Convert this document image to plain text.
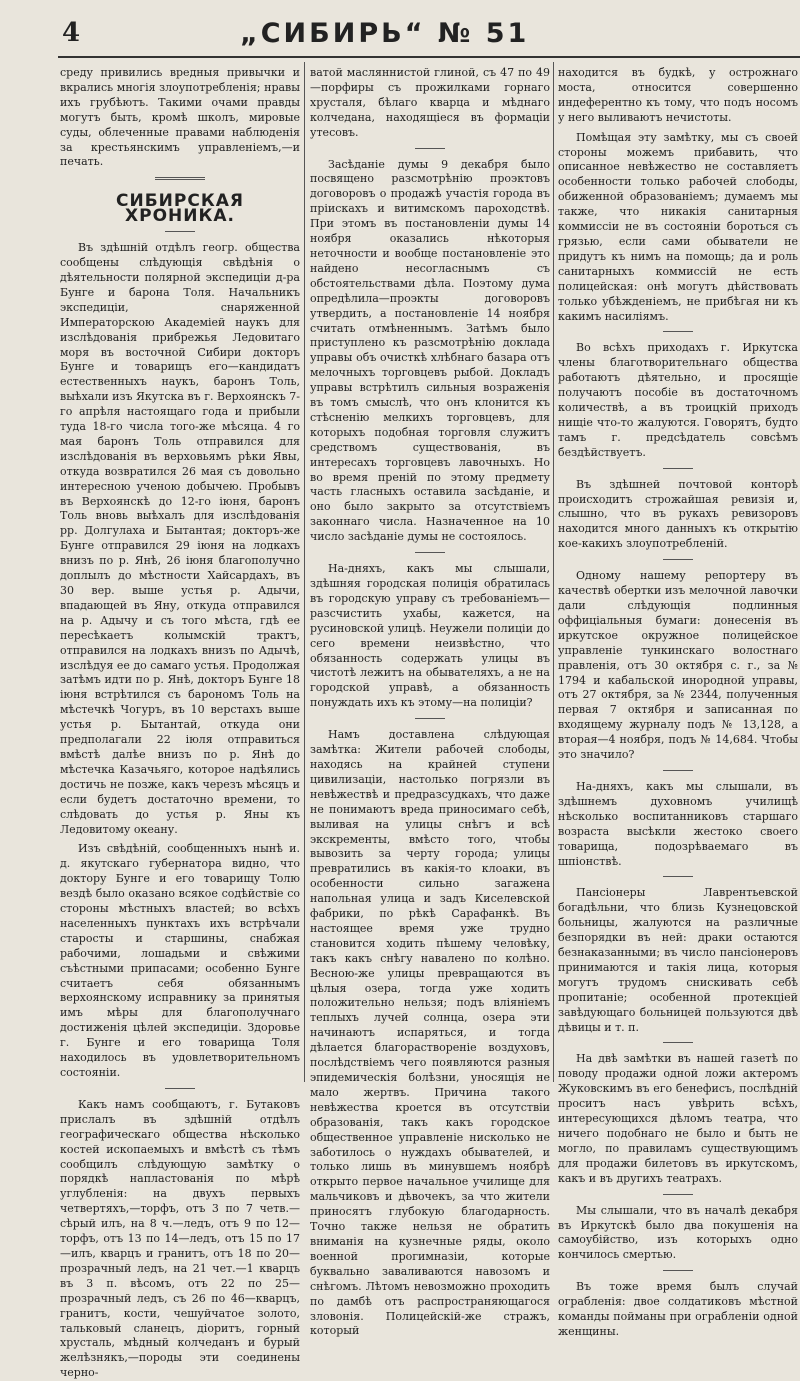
4	„СИБИРЬ“ № 51

среду привились вредныя привычки и вкрались многiя злоупотребленiя; нравы ихъ грубѣютъ. Такими очами правды могутъ быть, кромѣ школъ, мировые суды, облеченные правами наблюденiя за крестьянскимъ управленiемъ,—и печать.

СИБИРСКАЯ ХРОНИКА.

Въ здѣшнiй отдѣлъ геогр. общества сообщены слѣдующiя свѣдѣнiя о дѣятельности полярной экспедицiи д-ра Бунге и барона Толя. Начальникъ экспедицiи, снаряженной Императорскою Академiей наукъ для изслѣдованiя прибрежья Ледовитаго моря въ восточной Сибири докторъ Бунге и товарищъ его—кандидатъ естественныхъ наукъ, баронъ Толь, выѣхали изъ Якутска въ г. Верхоянскъ 7-го апрѣля настоящаго года и прибыли туда 18-го числа того-же мѣсяца. 4 го мая баронъ Толь отправился для изслѣдованiя въ верховьямъ рѣки Явы, откуда возвратился 26 мая съ довольно интересною ученою добычею. Пробывъ въ Верхоянскѣ до 12-го iюня, баронъ Толь вновь выѣхалъ для изслѣдованiя рр. Долгулаха и Бытантая; докторъ-же Бунге отправился 29 iюня на лодкахъ внизъ по р. Янѣ, 26 iюня благополучно доплылъ до мѣстности Хайсардахъ, въ 30 вер. выше устья р. Адычи, впадающей въ Яну, откуда отправился на р. Адычу и съ того мѣста, гдѣ ее пересѣкаетъ колымскiй трактъ, отправился на лодкахъ внизъ по Адычѣ, изслѣдуя ее до самаго устья. Продолжая затѣмъ идти по р. Янѣ, докторъ Бунге 18 iюня встрѣтился съ барономъ Толь на мѣстечкѣ Чогуръ, въ 10 верстахъ выше устья р. Бытантай, откуда они предполагали 22 iюля отправиться вмѣстѣ далѣе внизъ по р. Янѣ до мѣстечка Казачьяго, которое надѣялись достичь не позже, какъ черезъ мѣсяцъ и если будетъ достаточно времени, то слѣдовать до устья р. Яны къ Ледовитому океану.

Изъ свѣдѣнiй, сообщенныхъ нынѣ и. д. якутскаго губернатора видно, что доктору Бунге и его товарищу Толю вездѣ было оказано всякое содѣйствiе со стороны мѣстныхъ властей; во всѣхъ населенныхъ пунктахъ ихъ встрѣчали старосты и старшины, снабжая рабочими, лошадьми и свѣжими съѣстными припасами; особенно Бунге считаетъ себя обязаннымъ верхоянскому исправнику за принятыя имъ мѣры для благополучнаго достиженiя цѣлей экспедицiи. Здоровье г. Бунге и его товарища Толя находилось въ удовлетворительномъ состоянiи.

Какъ намъ сообщаютъ, г. Бутаковъ прислалъ въ здѣшнiй отдѣлъ географическаго общества нѣсколько костей ископаемыхъ и вмѣстѣ съ тѣмъ сообщилъ слѣдующую замѣтку о порядкѣ напластованiя по мѣрѣ углубленiя: на двухъ первыхъ четвертяхъ,—торфъ, отъ 3 по 7 четв.—сѣрый илъ, на 8 ч.—ледъ, отъ 9 по 12—торфъ, отъ 13 по 14—ледъ, отъ 15 по 17—илъ, кварцъ и гранитъ, отъ 18 по 20—прозрачный ледъ, на 21 чет.—1 кварцъ въ 3 п. вѣсомъ, отъ 22 по 25—прозрачный ледъ, съ 26 по 46—кварцъ, гранитъ, кости, чешуйчатое золото, тальковый сланецъ, дiоритъ, горный хрусталь, мѣдный колчеданъ и бурый желѣзнякъ,—породы эти соединены черно-

ватой масляннистой глиной, съ 47 по 49—порфиры съ прожилками горнаго хрусталя, бѣлаго кварца и мѣднаго колчедана, находящiеся въ формацiи утесовъ.

Засѣданiе думы 9 декабря было посвящено разсмотрѣнiю проэктовъ договоровъ о продажѣ участiя города въ прiискахъ и витимскомъ пароходствѣ. При этомъ въ постановленiи думы 14 ноября оказались нѣкоторыя неточности и вообще постановленiе это найдено несогласнымъ съ обстоятельствами дѣла. Поэтому дума опредѣлила—проэкты договоровъ утвердить, а постановленiе 14 ноября считать отмѣненнымъ. Затѣмъ было приступлено къ разсмотрѣнiю доклада управы объ очисткѣ хлѣбнаго базара отъ мелочныхъ торговцевъ рыбой. Докладъ управы встрѣтилъ сильныя возраженiя въ томъ смыслѣ, что онъ клонится къ стѣсненiю мелкихъ торговцевъ, для которыхъ подобная торговля служитъ средствомъ существованiя, въ интересахъ торговцевъ лавочныхъ. Но во время пренiй по этому предмету часть гласныхъ оставила засѣданiе, и оно было закрыто за отсутствiемъ законнаго числа. Назначенное на 10 число засѣданiе думы не состоялось.

На-дняхъ, какъ мы слышали, здѣшняя городская полицiя обратилась въ городскую управу съ требованiемъ—разсчистить ухабы, кажется, на русиновской улицѣ. Неужели полицiи до сего времени неизвѣстно, что обязанность содержать улицы въ чистотѣ лежитъ на обывателяхъ, а не на городской управѣ, а обязанность понуждать ихъ къ этому—на полицiи?

Намъ доставлена слѣдующая замѣтка: Жители рабочей слободы, находясь на крайней ступени цивилизацiи, настолько погрязли въ невѣжествѣ и предразсудкахъ, что даже не понимаютъ вреда приносимаго себѣ, выливая на улицы снѣгъ и всѣ экскременты, вмѣсто того, чтобы вывозить за черту города; улицы превратились въ какiя-то клоаки, въ особенности сильно загажена напольная улица и задъ Киселевской фабрики, по рѣкѣ Сарафанкѣ. Въ настоящее время уже трудно становится ходить пѣшему человѣку, такъ какъ снѣгу навалено по колѣно. Весною-же улицы превращаются въ цѣлыя озера, тогда уже ходить положительно нельзя; подъ влiянiемъ теплыхъ лучей солнца, озера эти начинаютъ испаряться, и тогда дѣлается благорастворенiе воздуховъ, послѣдствiемъ чего появляются разныя эпидемическiя болѣзни, уносящiя не мало жертвъ. Причина такого невѣжества кроется въ отсутствiи образованiя, такъ какъ городское общественное управленiе нисколько не заботилось о нуждахъ обывателей, и только лишь въ минувшемъ ноябрѣ открыто первое начальное училище для мальчиковъ и дѣвочекъ, за что жители приносятъ глубокую благодарность. Точно также нельзя не обратить вниманiя на кузнечные ряды, около военной прогимназiи, которые буквально заваливаются навозомъ и снѣгомъ. Лѣтомъ невозможно проходить по дамбѣ отъ распространяющагося зловонiя. Полицейскiй-же стражъ, который

находится въ будкѣ, у острожнаго моста, относится совершенно индеферентно къ тому, что подъ носомъ у него выливаютъ нечистоты.

Помѣщая эту замѣтку, мы съ своей стороны можемъ прибавить, что описанное невѣжество не составляетъ особенности только рабочей слободы, обиженной образованiемъ; думаемъ мы также, что никакiя санитарныя коммиссiи не въ состоянiи бороться съ грязью, если сами обыватели не придутъ къ нимъ на помощь; да и роль санитарныхъ коммиссiй не есть полицейская: онѣ могутъ дѣйствовать только убѣжденiемъ, не прибѣгая ни къ какимъ насилiямъ.

Во всѣхъ приходахъ г. Иркутска члены благотворительнаго общества работаютъ дѣятельно, и просящiе получаютъ пособiе въ достаточномъ количествѣ, а въ троицкiй приходъ нищiе что-то жалуются. Говорятъ, будто тамъ г. предсѣдатель совсѣмъ бездѣйствуетъ.

Въ здѣшней почтовой конторѣ происходитъ строжайшая ревизiя и, слышно, что въ рукахъ ревизоровъ находится много данныхъ къ открытiю кое-какихъ злоупотребленiй.

Одному нашему репортеру въ качествѣ обертки изъ мелочной лавочки дали слѣдующiя подлинныя оффицiальныя бумаги: донесенiя въ иркутское окружное полицейское управленiе тункинскаго волостнаго правленiя, отъ 30 октября с. г., за № 1794 и кабальской инородной управы, отъ 27 октября, за № 2344, полученныя первая 7 октября и записанная по входящему журналу подъ № 13,128, а вторая—4 ноября, подъ № 14,684. Чтобы это значило?

На-дняхъ, какъ мы слышали, въ здѣшнемъ духовномъ училищѣ нѣсколько воспитанниковъ старшаго возраста высѣкли жестоко своего товарища, подозрѣваемаго въ шпiонствѣ.

Пансiонеры Лаврентьевской богадѣльни, что близь Кузнецовской больницы, жалуются на различные безпорядки въ ней: драки остаются безнаказанными; въ число пансiонеровъ принимаются и такiя лица, которыя могутъ трудомъ снискивать себѣ пропитанiе; особенной протекцiей завѣдующаго больницей пользуются двѣ дѣвицы и т. п.

На двѣ замѣтки въ нашей газетѣ по поводу продажи одной ложи актеромъ Жуковскимъ въ его бенефисъ, послѣднiй проситъ насъ увѣрить всѣхъ, интересующихся дѣломъ театра, что ничего подобнаго не было и быть не могло, по правиламъ существующимъ для продажи билетовъ въ иркутскомъ, какъ и въ другихъ театрахъ.

Мы слышали, что въ началѣ декабря въ Иркутскѣ было два покушенiя на самоубiйство, изъ которыхъ одно кончилось смертью.

Въ тоже время былъ случай ограбленiя: двое солдатиковъ мѣстной команды пойманы при ограбленiи одной женщины.
